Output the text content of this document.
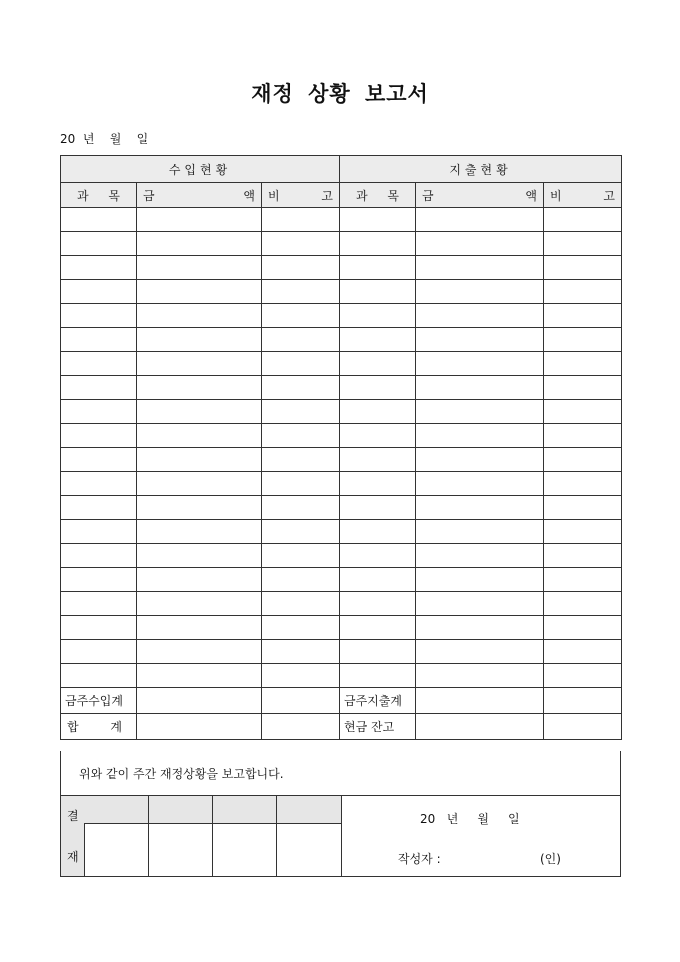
재정 상황 보고서
20  년    월    일
수입현황			지출현황		

과 목	금 액	비 고	과 목	금 액	비 고

금주수입계			금주지출계		

합 계			현금 잔고		
위와 같이 주간 재정상황을 보고합니다.
결
재
20   년     월     일
작성자 :	(인)
